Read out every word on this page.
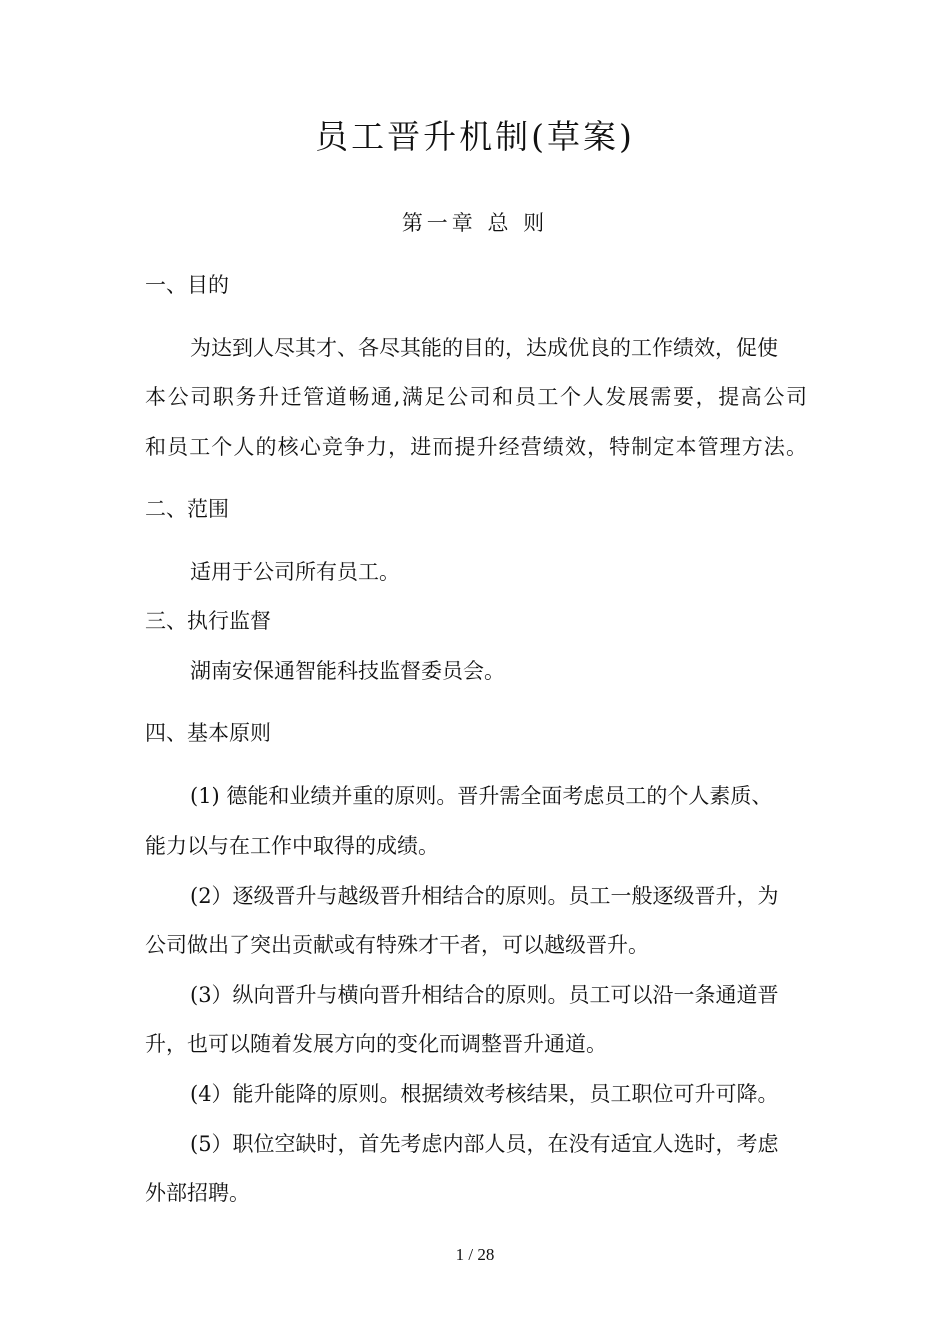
员工晋升机制(草案)
第一章 总 则
一、目的
为达到人尽其才、各尽其能的目的，达成优良的工作绩效，促使
本公司职务升迁管道畅通,满足公司和员工个人发展需要，提高公司
和员工个人的核心竞争力，进而提升经营绩效，特制定本管理方法。
二、范围
适用于公司所有员工。
三、执行监督
湖南安保通智能科技监督委员会。
四、基本原则
(1) 德能和业绩并重的原则。晋升需全面考虑员工的个人素质、
能力以与在工作中取得的成绩。
(2）逐级晋升与越级晋升相结合的原则。员工一般逐级晋升，为
公司做出了突出贡献或有特殊才干者，可以越级晋升。
(3）纵向晋升与横向晋升相结合的原则。员工可以沿一条通道晋
升，也可以随着发展方向的变化而调整晋升通道。
(4）能升能降的原则。根据绩效考核结果，员工职位可升可降。
(5）职位空缺时，首先考虑内部人员，在没有适宜人选时，考虑
外部招聘。
1 / 28
